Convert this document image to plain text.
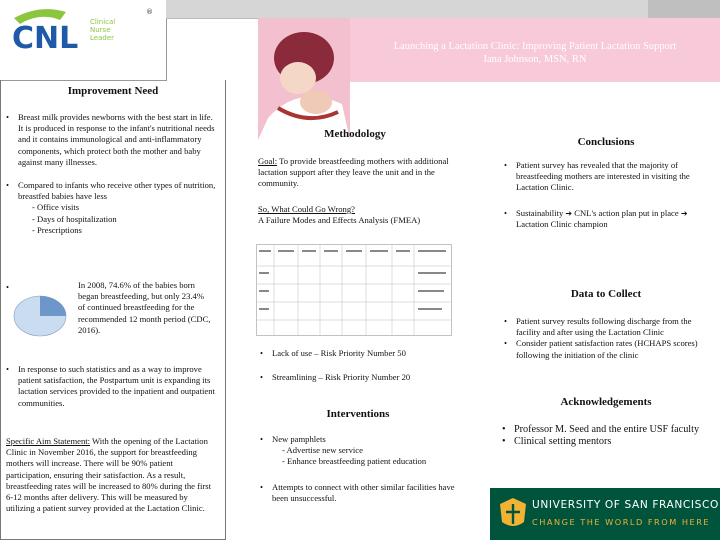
CNL Clinical
Nurse
Leader
®
Launching a Lactation Clinic: Improving Patient Lactation Support
Iana Johnson, MSN, RN
Improvement Need
• Breast milk provides newborns with the best start in life. It is produced in response to the infant's nutritional needs and it contains immunological and anti-inflammatory components, which protect both the mother and baby against many illnesses.
• Compared to infants who receive other types of nutrition, breastfed babies have less
- Office visits
- Days of hospitalization
- Prescriptions
•	In 2008, 74.6% of the babies born began breastfeeding, but only 23.4% of continued breastfeeding for the recommended 12 month period (CDC, 2016).
• In response to such statistics and as a way to improve patient satisfaction, the Postpartum unit is expanding its lactation services provided to the inpatient and outpatient communities.
Specific Aim Statement: With the opening of the Lactation Clinic in November 2016, the support for breastfeeding mothers will increase. There will be 90% patient participation, ensuring their satisfaction. As a result, breastfeeding rates will be increased to 80% during the first 6-12 months after delivery. This will be measured by utilizing a patient survey provided at the Lactation Clinic.
Methodology
Goal: To provide breastfeeding mothers with additional lactation support after they leave the unit and in the community.
So, What Could Go Wrong?
A Failure Modes and Effects Analysis (FMEA)
• Lack of use – Risk Priority Number 50
• Streamlining – Risk Priority Number 20
Interventions
• New pamphlets
- Advertise new service
- Enhance breastfeeding patient education
• Attempts to connect with other similar facilities have been unsuccessful.
Conclusions
• Patient survey has revealed that the majority of breastfeeding mothers are interested in visiting the Lactation Clinic.
• Sustainability ➔ CNL's action plan put in place ➔ Lactation Clinic champion
Data to Collect
• Patient survey results following discharge from the facility and after using the Lactation Clinic
• Consider patient satisfaction rates (HCHAPS scores) following the initiation of the clinic
Acknowledgements
• Professor M. Seed and the entire USF faculty
• Clinical setting mentors
UNIVERSITY OF SAN FRANCISCO
CHANGE THE WORLD FROM HERE
